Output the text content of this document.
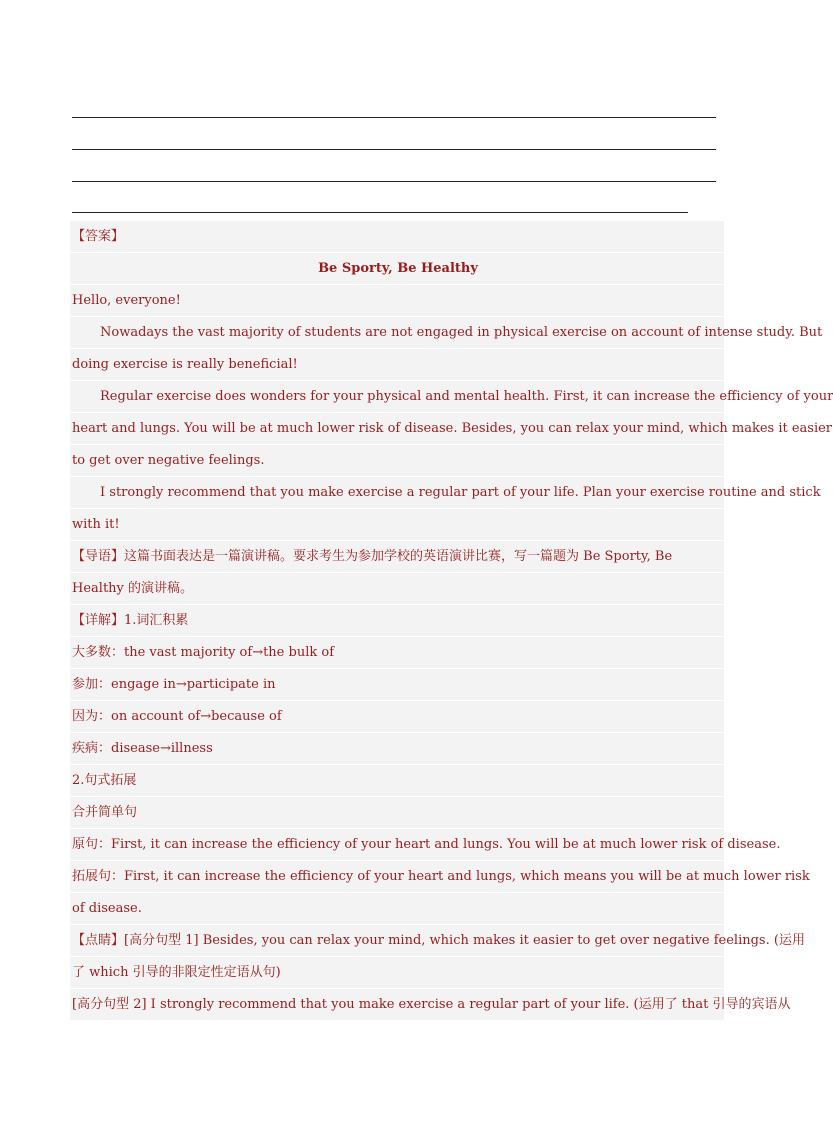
【答案】
Be Sporty, Be Healthy
Hello, everyone!
Nowadays the vast majority of students are not engaged in physical exercise on account of intense study. But
doing exercise is really beneficial!
Regular exercise does wonders for your physical and mental health. First, it can increase the efficiency of your
heart and lungs. You will be at much lower risk of disease. Besides, you can relax your mind, which makes it easier
to get over negative feelings.
I strongly recommend that you make exercise a regular part of your life. Plan your exercise routine and stick
with it!
【导语】这篇书面表达是一篇演讲稿。要求考生为参加学校的英语演讲比赛，写一篇题为 Be Sporty, Be
Healthy 的演讲稿。
【详解】1.词汇积累
大多数：the vast majority of→the bulk of
参加：engage in→participate in
因为：on account of→because of
疾病：disease→illness
2.句式拓展
合并简单句
原句：First, it can increase the efficiency of your heart and lungs. You will be at much lower risk of disease.
拓展句：First, it can increase the efficiency of your heart and lungs, which means you will be at much lower risk
of disease.
【点睛】[高分句型 1] Besides, you can relax your mind, which makes it easier to get over negative feelings. (运用
了 which 引导的非限定性定语从句)
[高分句型 2] I strongly recommend that you make exercise a regular part of your life. (运用了 that 引导的宾语从
